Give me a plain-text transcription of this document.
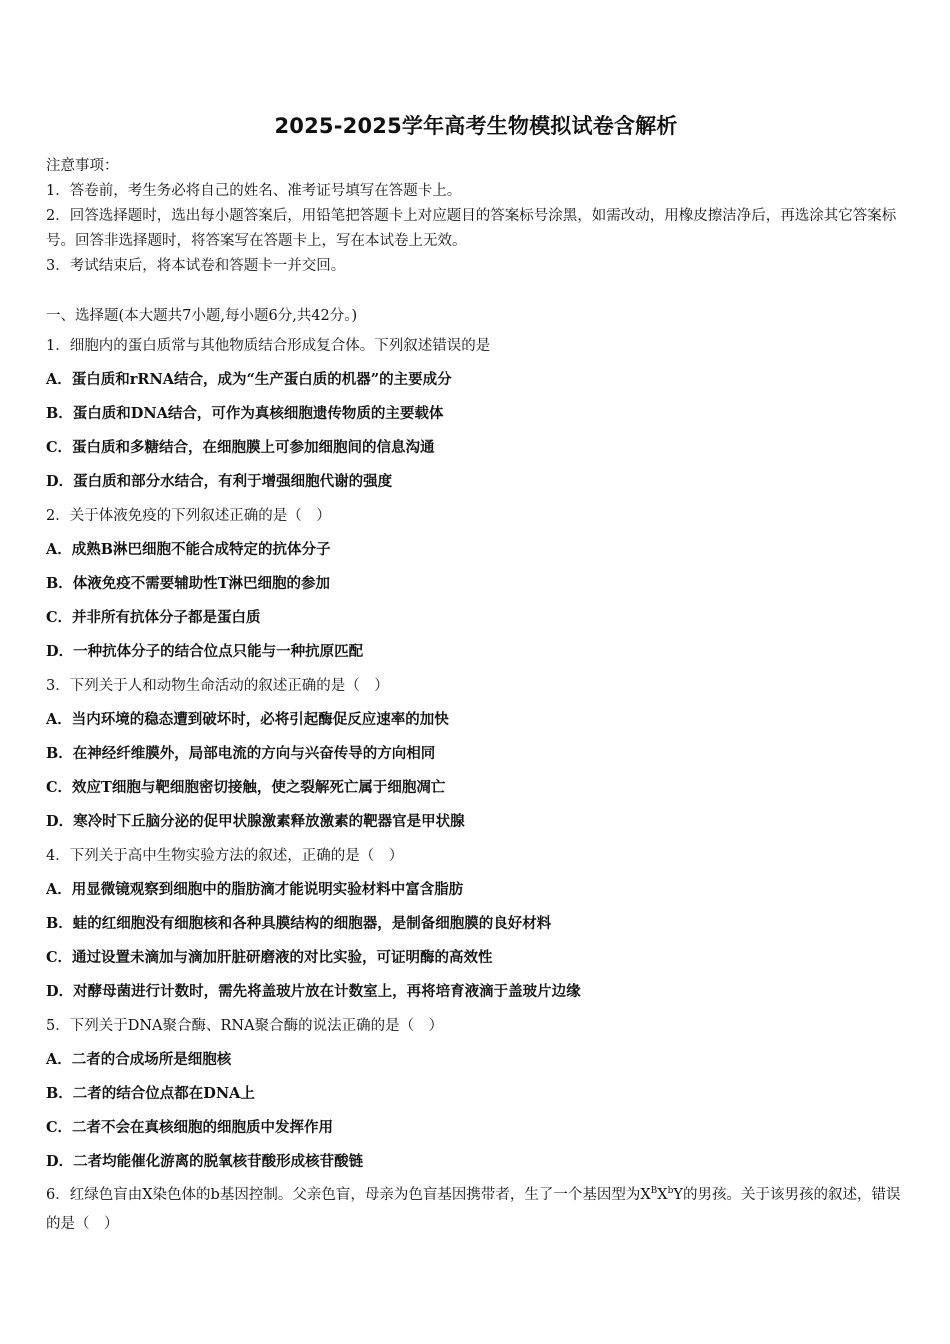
2025-2025学年高考生物模拟试卷含解析

注意事项：

1．答卷前，考生务必将自己的姓名、准考证号填写在答题卡上。

2．回答选择题时，选出每小题答案后，用铅笔把答题卡上对应题目的答案标号涂黑，如需改动，用橡皮擦洁净后，再选涂其它答案标号。回答非选择题时，将答案写在答题卡上，写在本试卷上无效。

3．考试结束后，将本试卷和答题卡一并交回。

一、选择题(本大题共7小题,每小题6分,共42分。)
1．细胞内的蛋白质常与其他物质结合形成复合体。下列叙述错误的是
A．蛋白质和rRNA结合，成为“生产蛋白质的机器”的主要成分
B．蛋白质和DNA结合，可作为真核细胞遗传物质的主要载体
C．蛋白质和多糖结合，在细胞膜上可参加细胞间的信息沟通
D．蛋白质和部分水结合，有利于增强细胞代谢的强度
2．关于体液免疫的下列叙述正确的是（　）
A．成熟B淋巴细胞不能合成特定的抗体分子
B．体液免疫不需要辅助性T淋巴细胞的参加
C．并非所有抗体分子都是蛋白质
D．一种抗体分子的结合位点只能与一种抗原匹配
3．下列关于人和动物生命活动的叙述正确的是（　）
A．当内环境的稳态遭到破坏时，必将引起酶促反应速率的加快
B．在神经纤维膜外，局部电流的方向与兴奋传导的方向相同
C．效应T细胞与靶细胞密切接触，使之裂解死亡属于细胞凋亡
D．寒冷时下丘脑分泌的促甲状腺激素释放激素的靶器官是甲状腺
4．下列关于高中生物实验方法的叙述，正确的是（　）
A．用显微镜观察到细胞中的脂肪滴才能说明实验材料中富含脂肪
B．蛙的红细胞没有细胞核和各种具膜结构的细胞器，是制备细胞膜的良好材料
C．通过设置未滴加与滴加肝脏研磨液的对比实验，可证明酶的高效性
D．对酵母菌进行计数时，需先将盖玻片放在计数室上，再将培育液滴于盖玻片边缘
5．下列关于DNA聚合酶、RNA聚合酶的说法正确的是（　）
A．二者的合成场所是细胞核
B．二者的结合位点都在DNA上
C．二者不会在真核细胞的细胞质中发挥作用
D．二者均能催化游离的脱氧核苷酸形成核苷酸链
6．红绿色盲由X染色体的b基因控制。父亲色盲，母亲为色盲基因携带者，生了一个基因型为$X^BX^bY$的男孩。关于该男孩的叙述，错误的是（　）
